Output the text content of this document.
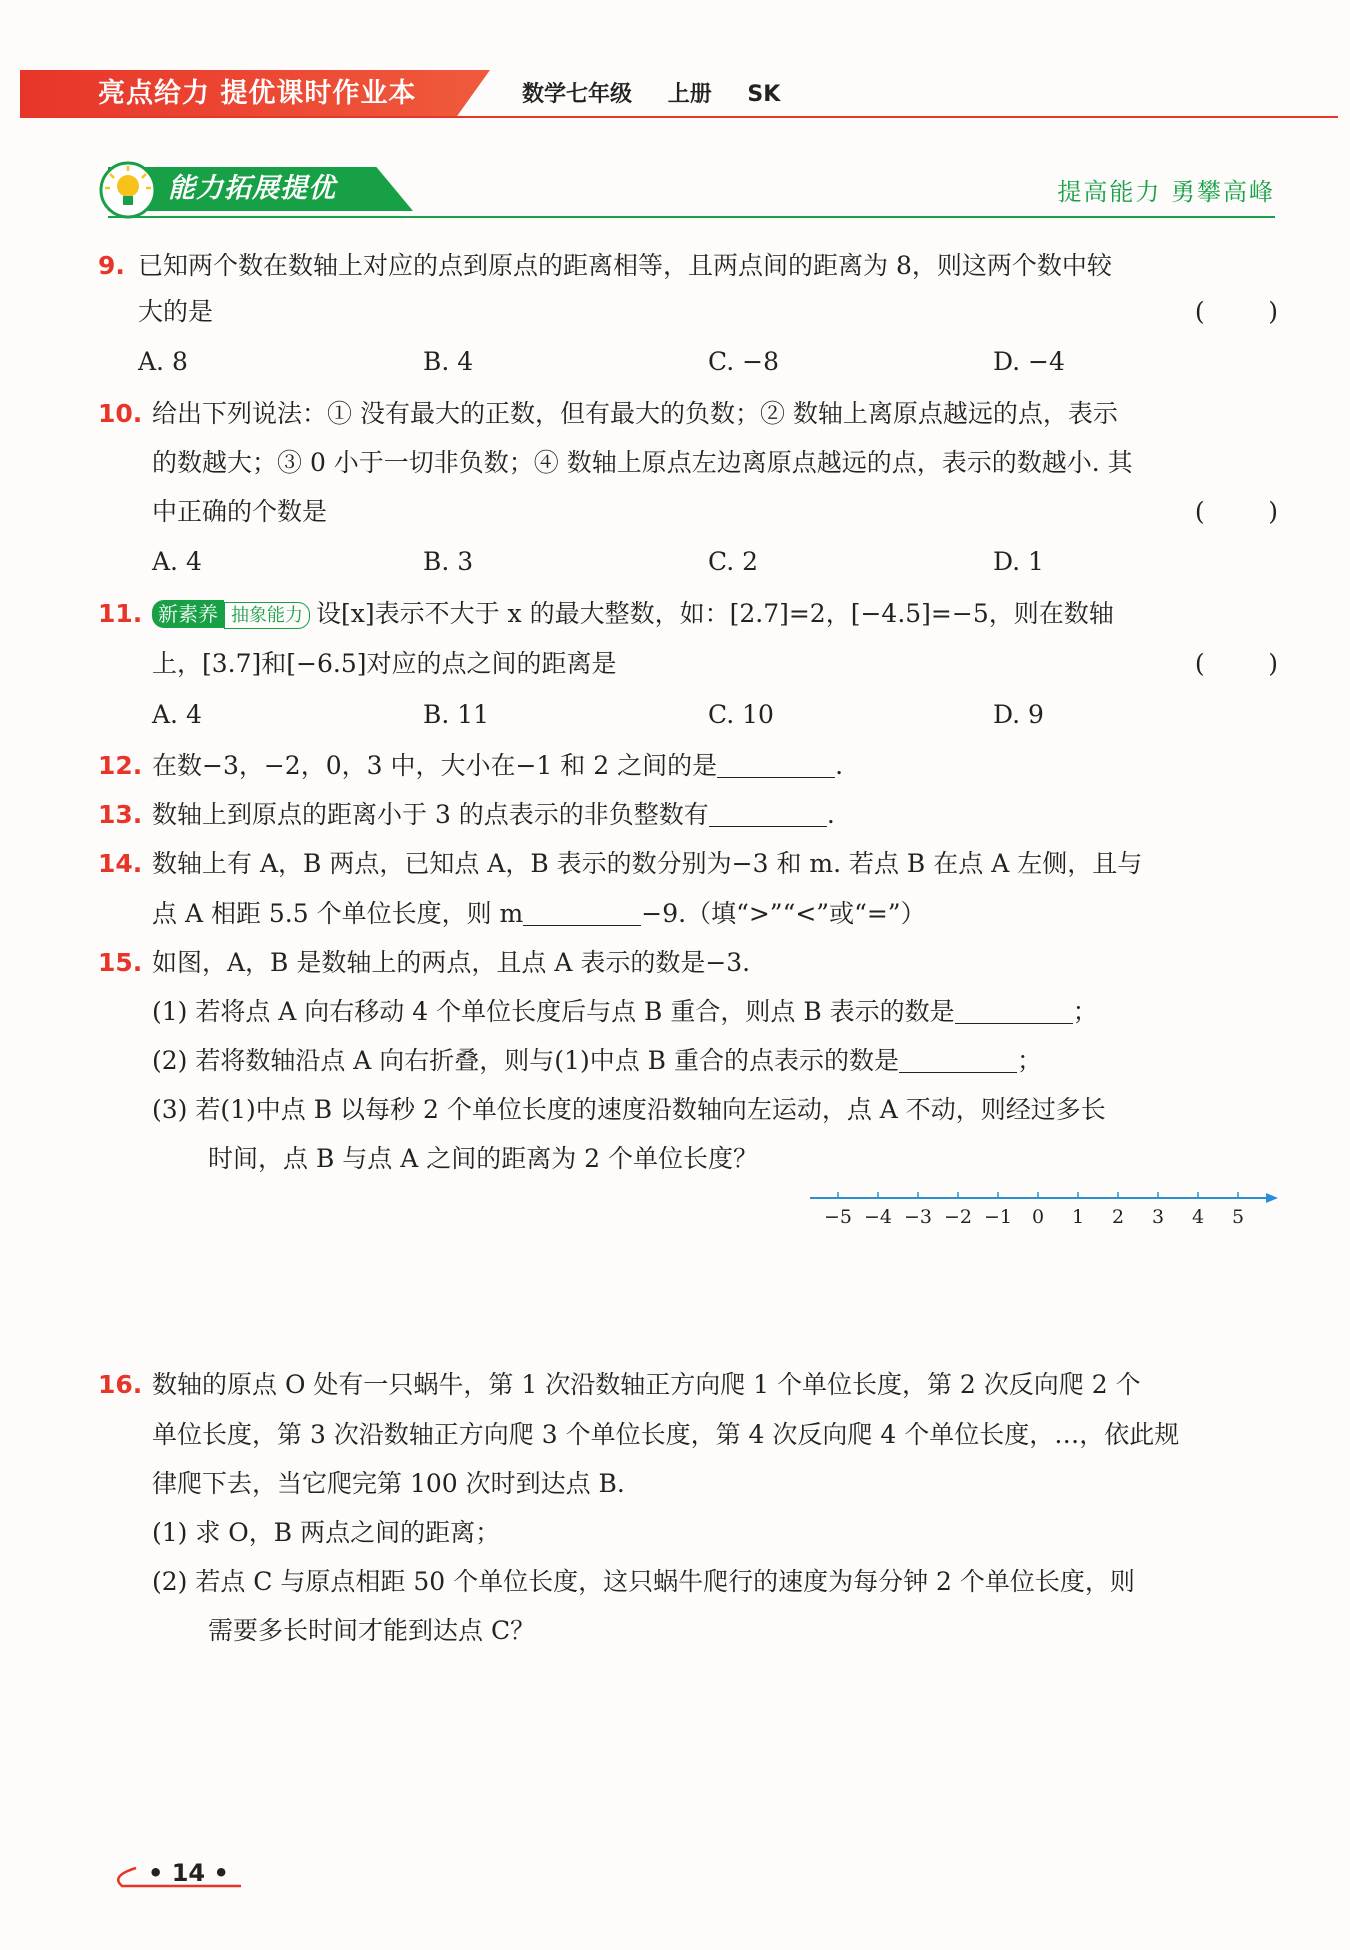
亮点给力 提优课时作业本	数学七年级 上册 SK
能力拓展提优	提高能力 勇攀高峰
9. 已知两个数在数轴上对应的点到原点的距离相等，且两点间的距离为 8，则这两个数中较
大的是	(        )
A. 8	B. 4	C. −8	D. −4
10. 给出下列说法：① 没有最大的正数，但有最大的负数；② 数轴上离原点越远的点，表示
的数越大；③ 0 小于一切非负数；④ 数轴上原点左边离原点越远的点，表示的数越小. 其
中正确的个数是	(        )
A. 4	B. 3	C. 2	D. 1
11. 新素养 抽象能力 设[x]表示不大于 x 的最大整数，如：[2.7]=2，[−4.5]=−5，则在数轴
上，[3.7]和[−6.5]对应的点之间的距离是	(        )
A. 4	B. 11	C. 10	D. 9
12. 在数−3，−2，0，3 中，大小在−1 和 2 之间的是	.
13. 数轴上到原点的距离小于 3 的点表示的非负整数有	.
14. 数轴上有 A，B 两点，已知点 A，B 表示的数分别为−3 和 m. 若点 B 在点 A 左侧，且与
点 A 相距 5.5 个单位长度，则 m	−9.（填“>”“<”或“=”）
15. 如图，A，B 是数轴上的两点，且点 A 表示的数是−3.
(1) 若将点 A 向右移动 4 个单位长度后与点 B 重合，则点 B 表示的数是	；
(2) 若将数轴沿点 A 向右折叠，则与(1)中点 B 重合的点表示的数是	；
(3) 若(1)中点 B 以每秒 2 个单位长度的速度沿数轴向左运动，点 A 不动，则经过多长
时间，点 B 与点 A 之间的距离为 2 个单位长度？
−5 −4 −3 −2 −1 0 1 2 3 4 5
16. 数轴的原点 O 处有一只蜗牛，第 1 次沿数轴正方向爬 1 个单位长度，第 2 次反向爬 2 个
单位长度，第 3 次沿数轴正方向爬 3 个单位长度，第 4 次反向爬 4 个单位长度，…，依此规
律爬下去，当它爬完第 100 次时到达点 B.
(1) 求 O，B 两点之间的距离；
(2) 若点 C 与原点相距 50 个单位长度，这只蜗牛爬行的速度为每分钟 2 个单位长度，则
需要多长时间才能到达点 C？
• 14 •
